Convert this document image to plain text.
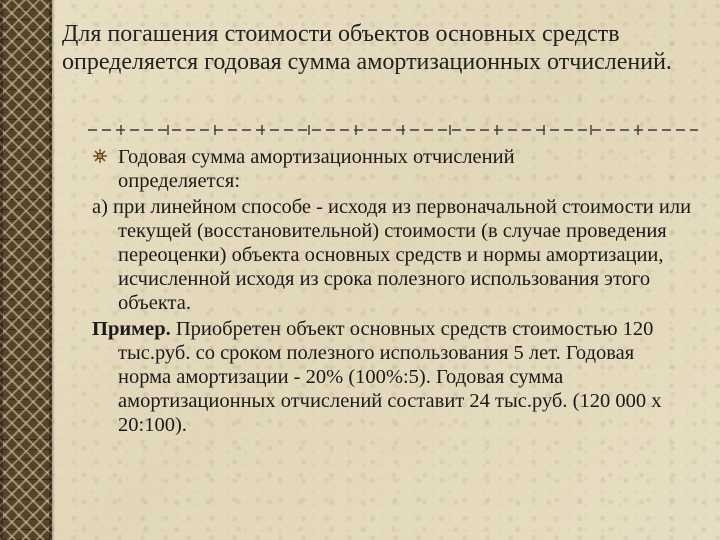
Для погашения стоимости объектов основных средств определяется годовая сумма амортизационных отчислений.
Годовая сумма амортизационных отчислений определяется:

а) при линейном способе - исходя из первоначальной стоимости или текущей (восстановительной) стоимости (в случае проведения переоценки) объекта основных средств и нормы амортизации, исчисленной исходя из срока полезного использования этого объекта.

Пример. Приобретен объект основных средств стоимостью 120 тыс.руб. со сроком полезного использования 5 лет. Годовая норма амортизации - 20% (100%:5). Годовая сумма амортизационных отчислений составит 24 тыс.руб. (120 000 х 20:100).
